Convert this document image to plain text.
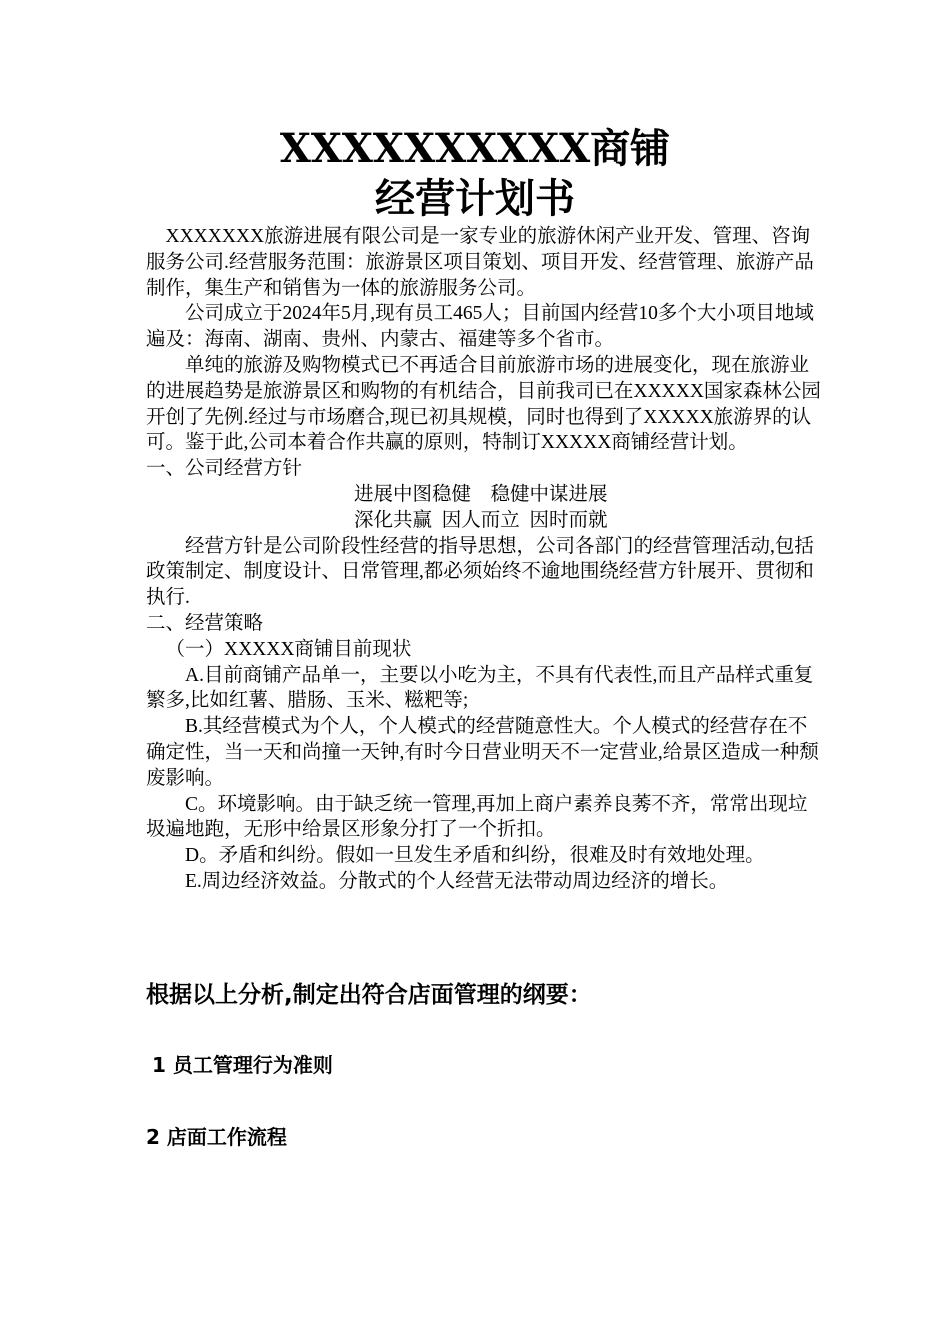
XXXXXXXXXX商铺
经营计划书

XXXXXXX旅游进展有限公司是一家专业的旅游休闲产业开发、管理、咨询服务公司.经营服务范围：旅游景区项目策划、项目开发、经营管理、旅游产品制作，集生产和销售为一体的旅游服务公司。

公司成立于2024年5月,现有员工465人；目前国内经营10多个大小项目地域遍及：海南、湖南、贵州、内蒙古、福建等多个省市。

单纯的旅游及购物模式已不再适合目前旅游市场的进展变化，现在旅游业的进展趋势是旅游景区和购物的有机结合，目前我司已在XXXXX国家森林公园开创了先例.经过与市场磨合,现已初具规模，同时也得到了XXXXX旅游界的认可。鉴于此,公司本着合作共赢的原则，特制订XXXXX商铺经营计划。

一、公司经营方针

进展中图稳健    稳健中谋进展

深化共赢  因人而立  因时而就

经营方针是公司阶段性经营的指导思想，公司各部门的经营管理活动,包括政策制定、制度设计、日常管理,都必须始终不逾地围绕经营方针展开、贯彻和执行.

二、经营策略

（一）XXXXX商铺目前现状

A.目前商铺产品单一，主要以小吃为主，不具有代表性,而且产品样式重复繁多,比如红薯、腊肠、玉米、糍粑等;

B.其经营模式为个人，个人模式的经营随意性大。个人模式的经营存在不确定性，当一天和尚撞一天钟,有时今日营业明天不一定营业,给景区造成一种颓废影响。

C。环境影响。由于缺乏统一管理,再加上商户素养良莠不齐，常常出现垃圾遍地跑，无形中给景区形象分打了一个折扣。

D。矛盾和纠纷。假如一旦发生矛盾和纠纷，很难及时有效地处理。

E.周边经济效益。分散式的个人经营无法带动周边经济的增长。

根据以上分析,制定出符合店面管理的纲要：
1 员工管理行为准则
2 店面工作流程
